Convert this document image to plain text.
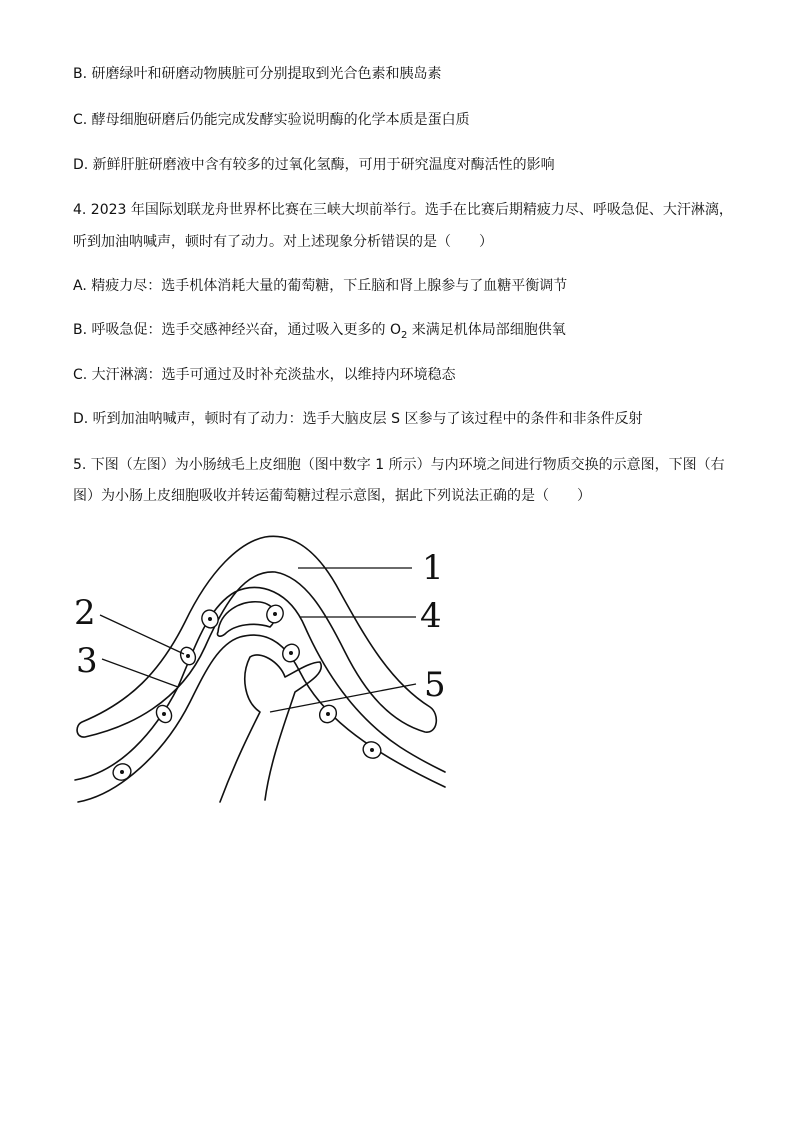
B. 研磨绿叶和研磨动物胰脏可分别提取到光合色素和胰岛素
C. 酵母细胞研磨后仍能完成发酵实验说明酶的化学本质是蛋白质
D. 新鲜肝脏研磨液中含有较多的过氧化氢酶，可用于研究温度对酶活性的影响
4. 2023 年国际划联龙舟世界杯比赛在三峡大坝前举行。选手在比赛后期精疲力尽、呼吸急促、大汗淋漓，
听到加油呐喊声，顿时有了动力。对上述现象分析错误的是（　　）
A. 精疲力尽：选手机体消耗大量的葡萄糖，下丘脑和肾上腺参与了血糖平衡调节
B. 呼吸急促：选手交感神经兴奋，通过吸入更多的 $O_2$ 来满足机体局部细胞供氧
C. 大汗淋漓：选手可通过及时补充淡盐水，以维持内环境稳态
D. 听到加油呐喊声，顿时有了动力：选手大脑皮层 S 区参与了该过程中的条件和非条件反射
5. 下图（左图）为小肠绒毛上皮细胞（图中数字 1 所示）与内环境之间进行物质交换的示意图，下图（右
图）为小肠上皮细胞吸收并转运葡萄糖过程示意图，据此下列说法正确的是（　　）
1
2
3
4
5
